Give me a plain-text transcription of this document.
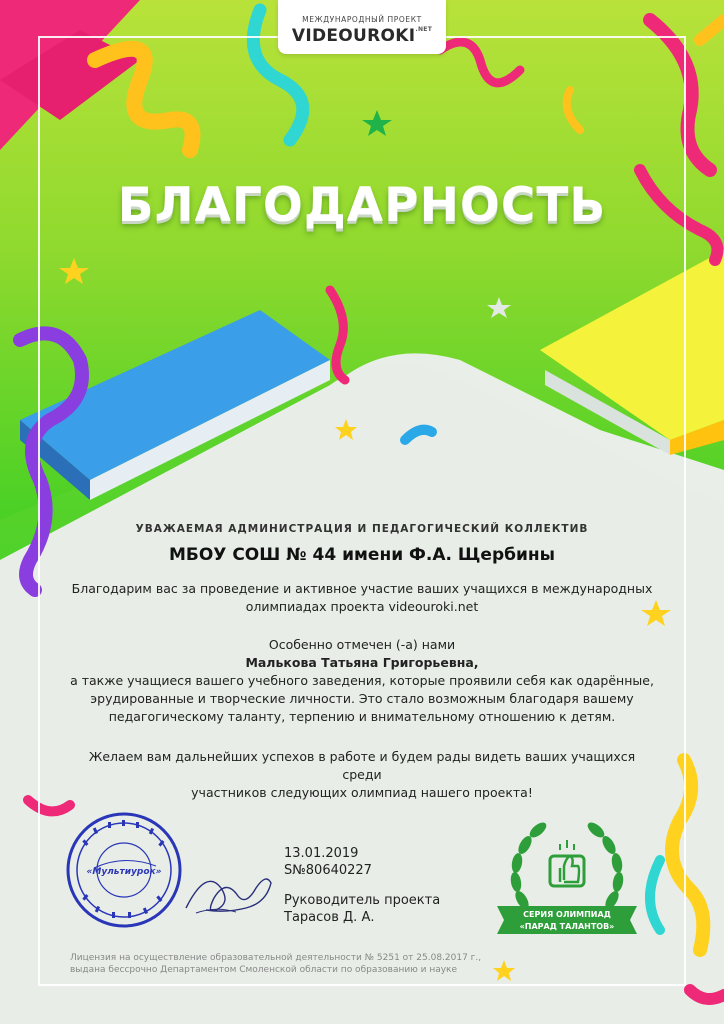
МЕЖДУНАРОДНЫЙ ПРОЕКТ
$VIDEOUROKI^{.NET}$
БЛАГОДАРНОСТЬ
УВАЖАЕМАЯ АДМИНИСТРАЦИЯ И ПЕДАГОГИЧЕСКИЙ КОЛЛЕКТИВ
МБОУ СОШ № 44 имени Ф.А. Щербины
Благодарим вас за проведение и активное участие ваших учащихся в международных
олимпиадах проекта videouroki.net
Особенно отмечен (-а) нами
Малькова Татьяна Григорьевна,
а также учащиеся вашего учебного заведения, которые проявили себя как одарённые,
эрудированные и творческие личности. Это стало возможным благодаря вашему
педагогическому таланту, терпению и внимательному отношению к детям.
Желаем вам дальнейших успехов в работе и будем рады видеть ваших учащихся среди
участников следующих олимпиад нашего проекта!
13.01.2019
S№80640227
Руководитель проекта
Тарасов Д. А.
«Мультиурок»
СЕРИЯ ОЛИМПИАД
«ПАРАД ТАЛАНТОВ»
Лицензия на осуществление образовательной деятельности № 5251 от 25.08.2017 г.,
выдана бессрочно Департаментом Смоленской области по образованию и науке
